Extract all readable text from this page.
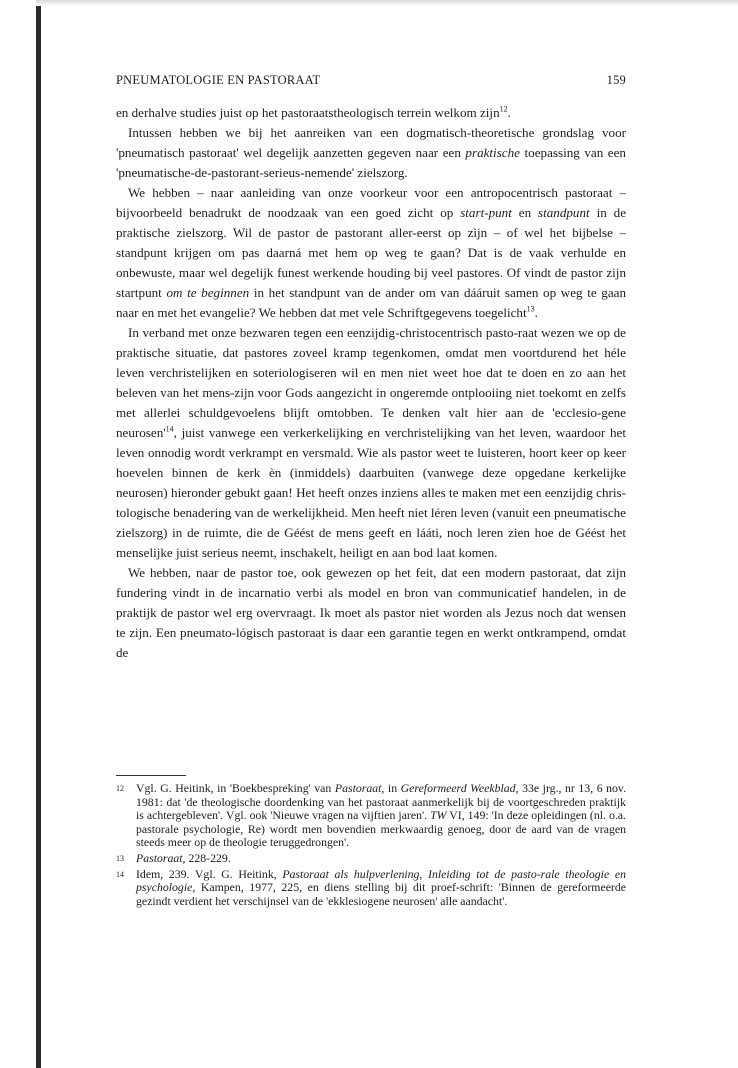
PNEUMATOLOGIE EN PASTORAAT	159

en derhalve studies juist op het pastoraatstheologisch terrein welkom zijn$^{12}$.

Intussen hebben we bij het aanreiken van een dogmatisch-theoretische grondslag voor 'pneumatisch pastoraat' wel degelijk aanzetten gegeven naar een praktische toepassing van een 'pneumatische-de-pastorant-serieus-nemende' zielszorg.

We hebben – naar aanleiding van onze voorkeur voor een antropocentrisch pastoraat – bijvoorbeeld benadrukt de noodzaak van een goed zicht op start-punt en standpunt in de praktische zielszorg. Wil de pastor de pastorant aller-eerst op zìjn – of wel het bijbelse – standpunt krijgen om pas daarná met hem op weg te gaan? Dat is de vaak verhulde en onbewuste, maar wel degelijk funest werkende houding bij veel pastores. Of vindt de pastor zijn startpunt om te beginnen in het standpunt van de ander om van dááruit samen op weg te gaan naar en met het evangelie? We hebben dat met vele Schriftgegevens toegelicht$^{13}$.

In verband met onze bezwaren tegen een eenzijdig-christocentrisch pasto-raat wezen we op de praktische situatie, dat pastores zoveel kramp tegenkomen, omdat men voortdurend het héle leven verchristelijken en soteriologiseren wil en men niet weet hoe dat te doen en zo aan het beleven van het mens-zijn voor Gods aangezicht in ongeremde ontplooiing niet toekomt en zelfs met allerlei schuldgevoelens blijft omtobben. Te denken valt hier aan de 'ecclesio-gene $neurosen'^{14}$, juist vanwege een verkerkelijking en verchristelijking van het leven, waardoor het leven onnodig wordt verkrampt en versmald. Wie als pastor weet te luisteren, hoort keer op keer hoevelen binnen de kerk èn (inmiddels) daarbuiten (vanwege deze opgedane kerkelijke neurosen) hieronder gebukt gaan! Het heeft onzes inziens alles te maken met een eenzijdig chris-tologische benadering van de werkelijkheid. Men heeft niet léren leven (vanuit een pneumatische zielszorg) in de ruimte, die de Géést de mens geeft en lááti, noch leren zien hoe de Géést het menselijke juist serieus neemt, inschakelt, heiligt en aan bod laat komen.

We hebben, naar de pastor toe, ook gewezen op het feit, dat een modern pastoraat, dat zijn fundering vindt in de incarnatio verbi als model en bron van communicatief handelen, in de praktijk de pastor wel erg overvraagt. Ik moet als pastor niet worden als Jezus noch dat wensen te zijn. Een pneumato-lógisch pastoraat is daar een garantie tegen en werkt ontkrampend, omdat de

12 Vgl. G. Heitink, in 'Boekbespreking' van Pastoraat, in Gereformeerd Weekblad, 33e jrg., nr 13, 6 nov. 1981: dat 'de theologische doordenking van het pastoraat aanmerkelijk bij de voortgeschreden praktijk is achtergebleven'. Vgl. ook 'Nieuwe vragen na vijftien jaren'. TW VI, 149: 'In deze opleidingen (nl. o.a. pastorale psychologie, Re) wordt men bovendien merkwaardig genoeg, door de aard van de vragen steeds meer op de theologie teruggedrongen'.
13 Pastoraat, 228-229.
14 Idem, 239. Vgl. G. Heitink, Pastoraat als hulpverlening, Inleiding tot de pasto-rale theologie en psychologie, Kampen, 1977, 225, en diens stelling bij dit proef-schrift: 'Binnen de gereformeerde gezindt verdient het verschijnsel van de 'ekklesiogene neurosen' alle aandacht'.
